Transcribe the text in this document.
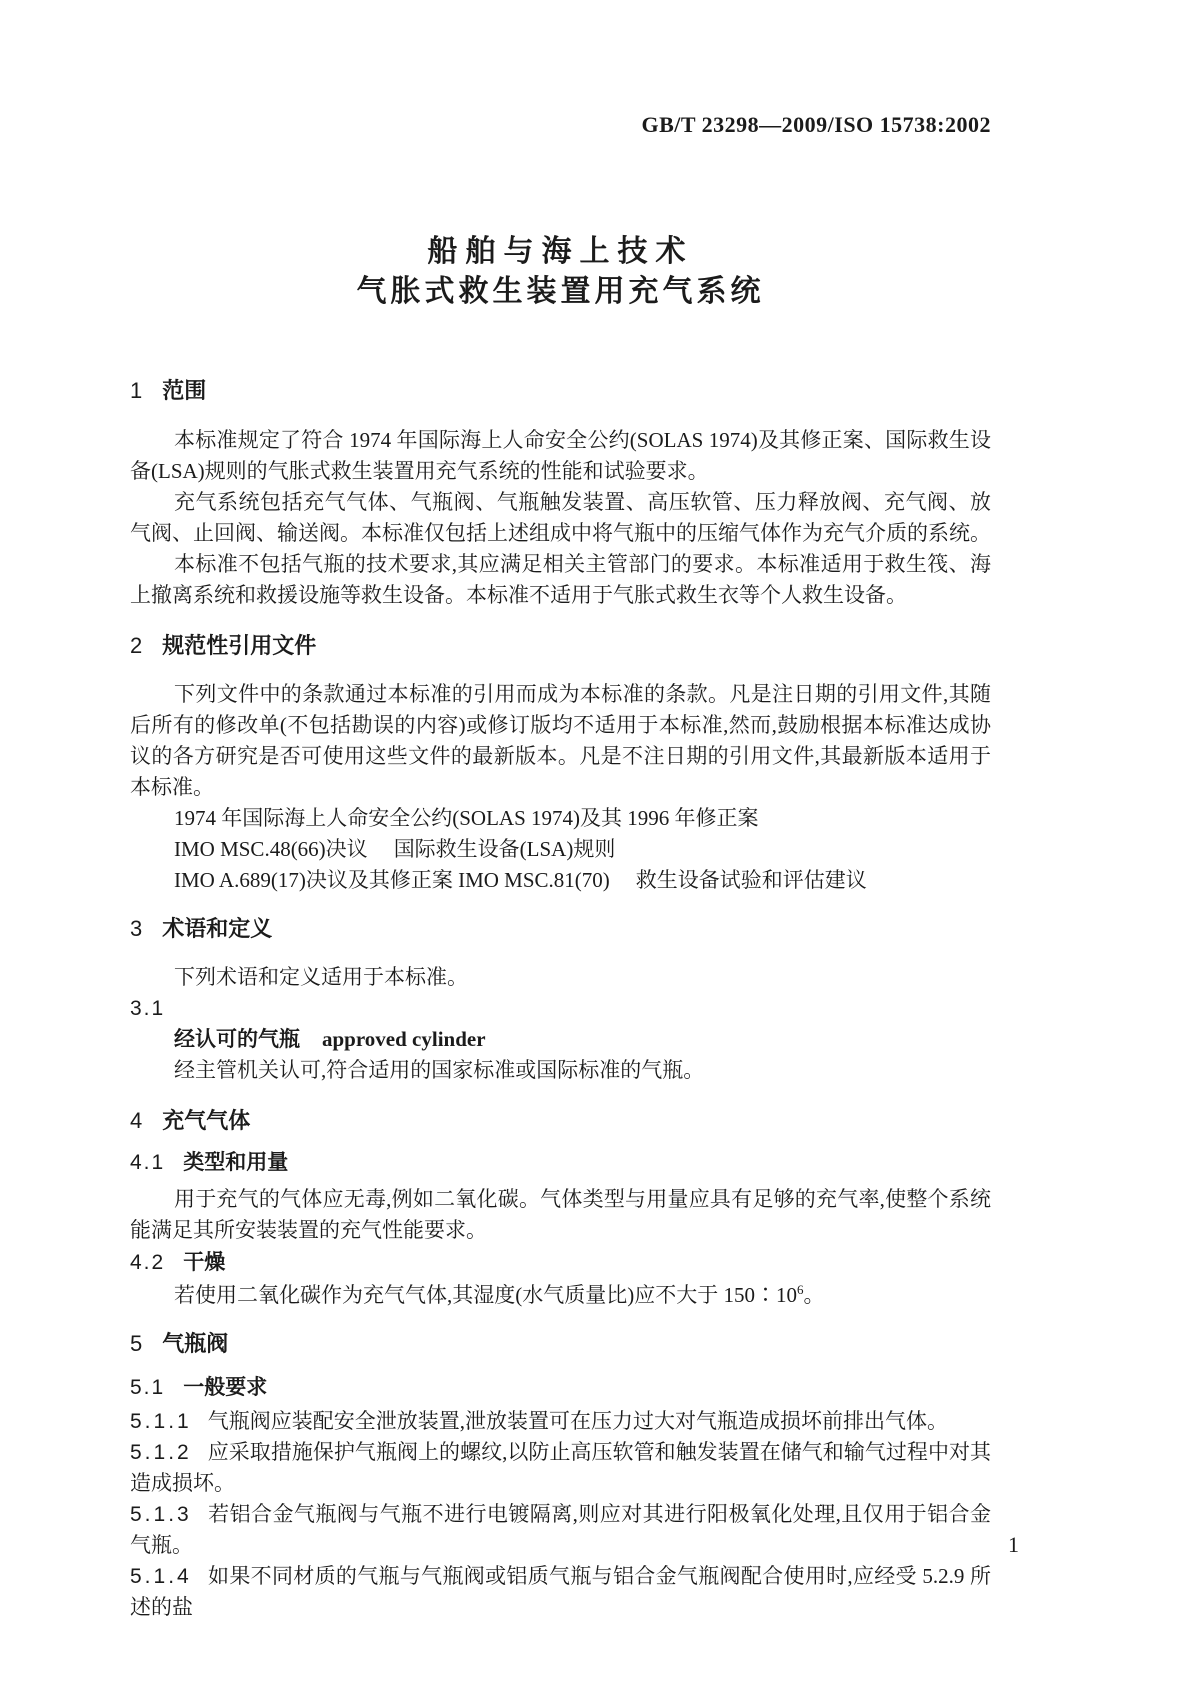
GB/T 23298—2009/ISO 15738:2002
船舶与海上技术
气胀式救生装置用充气系统

1 范围

本标准规定了符合 1974 年国际海上人命安全公约(SOLAS 1974)及其修正案、国际救生设备(LSA)规则的气胀式救生装置用充气系统的性能和试验要求。

充气系统包括充气气体、气瓶阀、气瓶触发装置、高压软管、压力释放阀、充气阀、放气阀、止回阀、输送阀。本标准仅包括上述组成中将气瓶中的压缩气体作为充气介质的系统。

本标准不包括气瓶的技术要求,其应满足相关主管部门的要求。本标准适用于救生筏、海上撤离系统和救援设施等救生设备。本标准不适用于气胀式救生衣等个人救生设备。

2 规范性引用文件

下列文件中的条款通过本标准的引用而成为本标准的条款。凡是注日期的引用文件,其随后所有的修改单(不包括勘误的内容)或修订版均不适用于本标准,然而,鼓励根据本标准达成协议的各方研究是否可使用这些文件的最新版本。凡是不注日期的引用文件,其最新版本适用于本标准。

1974 年国际海上人命安全公约(SOLAS 1974)及其 1996 年修正案

IMO MSC.48(66)决议 国际救生设备(LSA)规则

IMO A.689(17)决议及其修正案 IMO MSC.81(70) 救生设备试验和评估建议

3 术语和定义

下列术语和定义适用于本标准。

3.1

经认可的气瓶 approved cylinder

经主管机关认可,符合适用的国家标准或国际标准的气瓶。

4 充气气体

4.1 类型和用量

用于充气的气体应无毒,例如二氧化碳。气体类型与用量应具有足够的充气率,使整个系统能满足其所安装装置的充气性能要求。

4.2 干燥

若使用二氧化碳作为充气气体,其湿度(水气质量比)应不大于 $150∶10^6$。

5 气瓶阀

5.1 一般要求

5.1.1 气瓶阀应装配安全泄放装置,泄放装置可在压力过大对气瓶造成损坏前排出气体。

5.1.2 应采取措施保护气瓶阀上的螺纹,以防止高压软管和触发装置在储气和输气过程中对其造成损坏。

5.1.3 若铝合金气瓶阀与气瓶不进行电镀隔离,则应对其进行阳极氧化处理,且仅用于铝合金气瓶。

5.1.4 如果不同材质的气瓶与气瓶阀或铝质气瓶与铝合金气瓶阀配合使用时,应经受 5.2.9 所述的盐

1
